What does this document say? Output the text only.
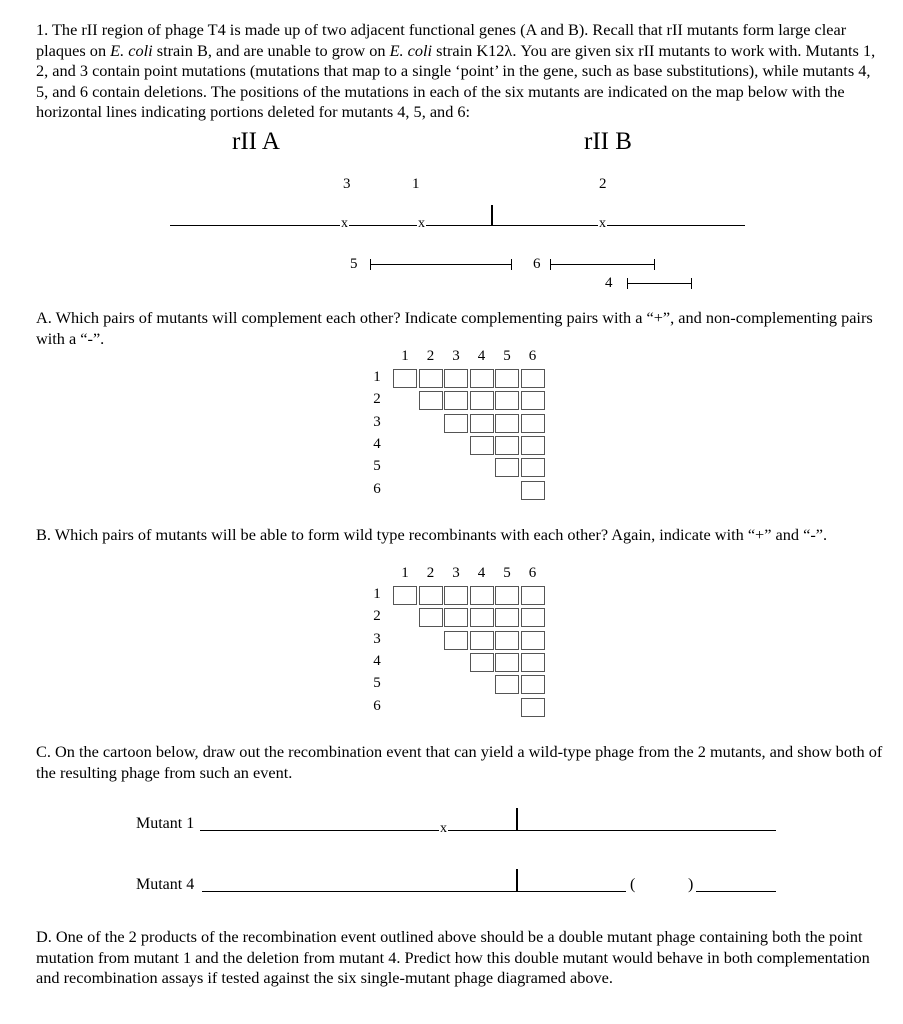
1. The rII region of phage T4 is made up of two adjacent functional genes (A and B). Recall that rII mutants form large clear plaques on E. coli strain B, and are unable to grow on E. coli strain K12λ. You are given six rII mutants to work with. Mutants 1, 2, and 3 contain point mutations (mutations that map to a single ‘point’ in the gene, such as base substitutions), while mutants 4, 5, and 6 contain deletions. The positions of the mutations in each of the six mutants are indicated on the map below with the horizontal lines indicating portions deleted for mutants 4, 5, and 6:

rII A	rII B
3	1	2
x	x	x
5	6
4

A. Which pairs of mutants will complement each other? Indicate complementing pairs with a “+”, and non-complementing pairs with a “-”.

1	2	3	4	5	6
1
2
3
4
5
6

B. Which pairs of mutants will be able to form wild type recombinants with each other? Again, indicate with “+” and “-”.

1	2	3	4	5	6
1
2
3
4
5
6

C. On the cartoon below, draw out the recombination event that can yield a wild-type phage from the 2 mutants, and show both of the resulting phage from such an event.

Mutant 1	x
Mutant 4	(	)

D. One of the 2 products of the recombination event outlined above should be a double mutant phage containing both the point mutation from mutant 1 and the deletion from mutant 4. Predict how this double mutant would behave in both complementation and recombination assays if tested against the six single-mutant phage diagramed above.
